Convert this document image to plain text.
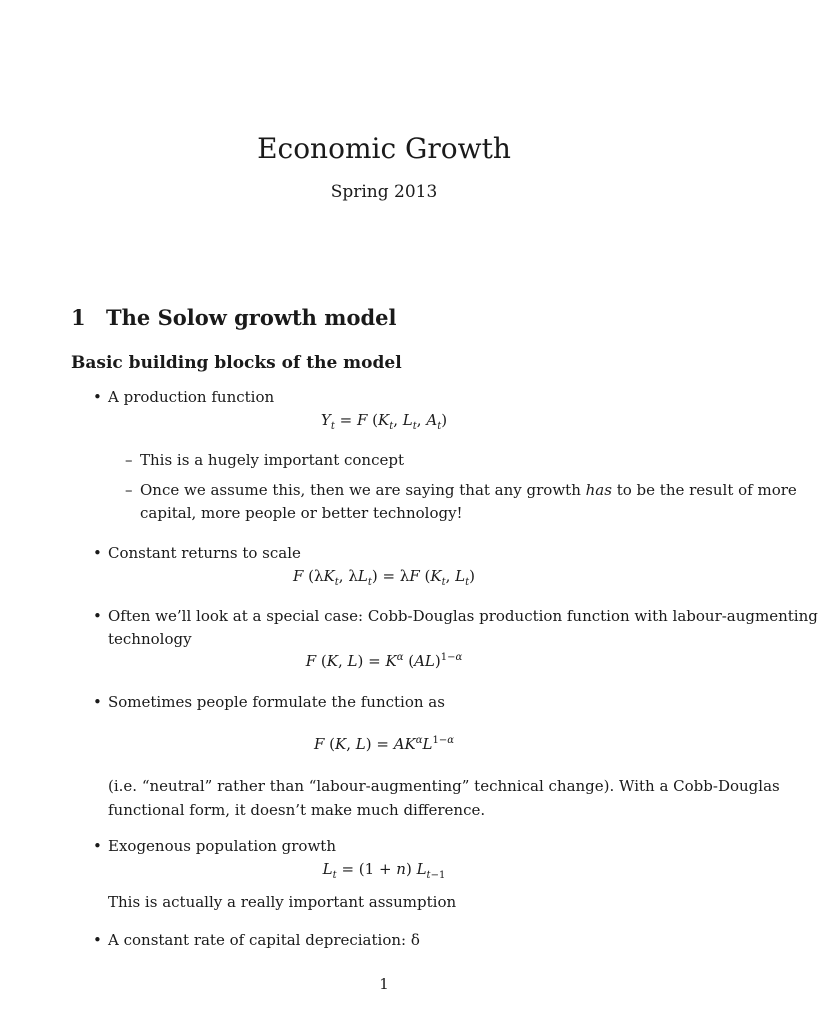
Economic Growth
Spring 2013
1 The Solow growth model
Basic building blocks of the model
• A production function
$Y_t = F$ ($K_t$, $L_t$, $A_t$)
– This is a hugely important concept
– Once we assume this, then we are saying that any growth has to be the result of more
capital, more people or better technology!
• Constant returns to scale
F ($\lambda K_t$, $\lambda L_t) = \lambda F$ ($K_t$, $L_t$)
• Often we’ll look at a special case: Cobb-Douglas production function with labour-augmenting
technology
F (K, $L) = K^\alpha$ (AL)$^{1-\alpha}$
• Sometimes people formulate the function as
F (K, $L) = AK^\alpha L^{1-\alpha}$
(i.e. “neutral” rather than “labour-augmenting” technical change). With a Cobb-Douglas
functional form, it doesn’t make much difference.
• Exogenous population growth
$L_t = (1 + n)$ $L_{t-1}$
This is actually a really important assumption
• A constant rate of capital depreciation: δ
1
